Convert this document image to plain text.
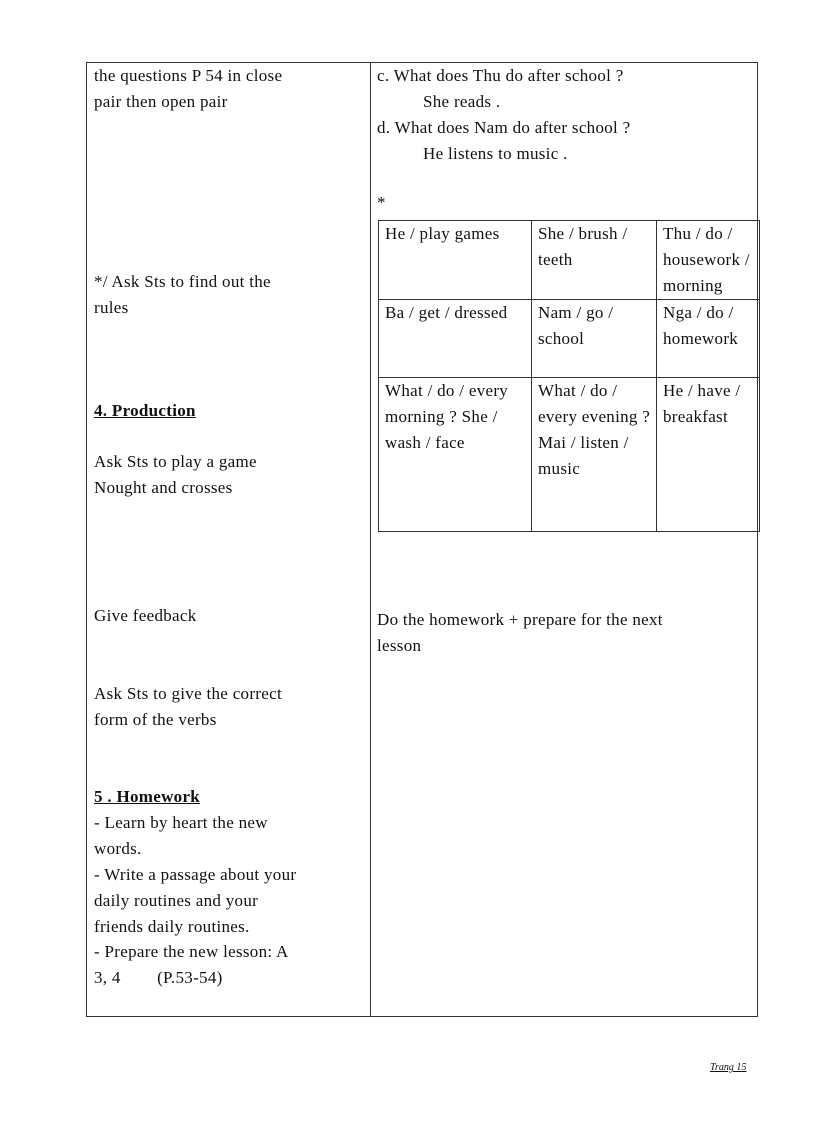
the questions P 54 in close
pair then open pair
*/ Ask Sts to find out the
rules
4. Production
Ask Sts to play a game
Nought and crosses
Give feedback
Ask Sts to give the correct
form of the verbs
5 . Homework
- Learn by heart the new
words.
- Write a passage about your
daily routines and your
friends daily routines.
- Prepare the new lesson: A
3, 4        (P.53-54)
c. What does Thu do after school ?
She reads .
d. What does Nam do after school ?
He listens to music .
*
Do the homework + prepare for the next
lesson
He / play games	She / brush / teeth	Thu / do / housework / morning
Ba / get / dressed	Nam / go / school	Nga / do / homework
What / do / every morning ? She / wash / face	What / do / every evening ? Mai / listen / music	He / have / breakfast
Trang 15
